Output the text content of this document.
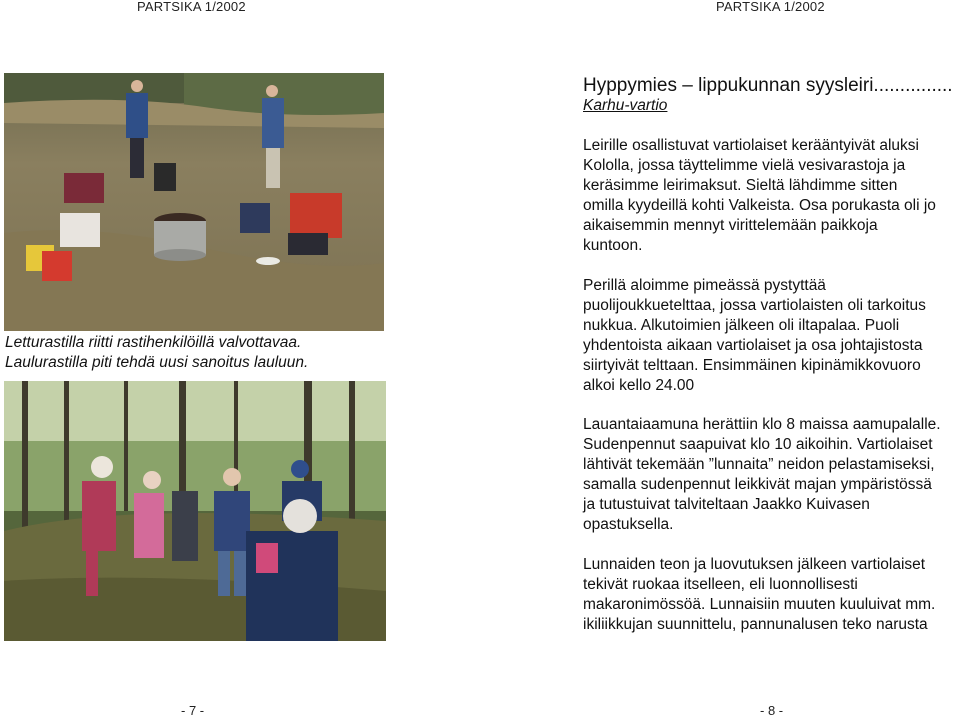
PARTSIKA 1/2002	PARTSIKA 1/2002
Letturastilla riitti rastihenkilöillä valvottavaa.
Laulurastilla piti tehdä uusi sanoitus lauluun.
Hyppymies – lippukunnan syysleiri...............
Karhu-vartio
Leirille osallistuvat vartiolaiset kerääntyivät aluksi
Kololla, jossa täyttelimme vielä vesivarastoja ja
keräsimme leirimaksut. Sieltä lähdimme sitten
omilla kyydeillä kohti Valkeista. Osa porukasta oli jo
aikaisemmin mennyt virittelemään paikkoja
kuntoon.
Perillä aloimme pimeässä pystyttää
puolijoukkuetelttaa, jossa vartiolaisten oli tarkoitus
nukkua. Alkutoimien jälkeen oli iltapalaa. Puoli
yhdentoista aikaan vartiolaiset ja osa johtajistosta
siirtyivät telttaan. Ensimmäinen kipinämikkovuoro
alkoi kello 24.00
Lauantaiaamuna herättiin klo 8 maissa aamupalalle.
Sudenpennut saapuivat klo 10 aikoihin. Vartiolaiset
lähtivät tekemään ”lunnaita” neidon pelastamiseksi,
samalla sudenpennut leikkivät majan ympäristössä
ja tutustuivat talviteltaan Jaakko Kuivasen
opastuksella.
Lunnaiden teon ja luovutuksen jälkeen vartiolaiset
tekivät ruokaa itselleen, eli luonnollisesti
makaronimössöä. Lunnaisiin muuten kuuluivat mm.
ikiliikkujan suunnittelu, pannunalusen teko narusta
- 7 -	- 8 -
